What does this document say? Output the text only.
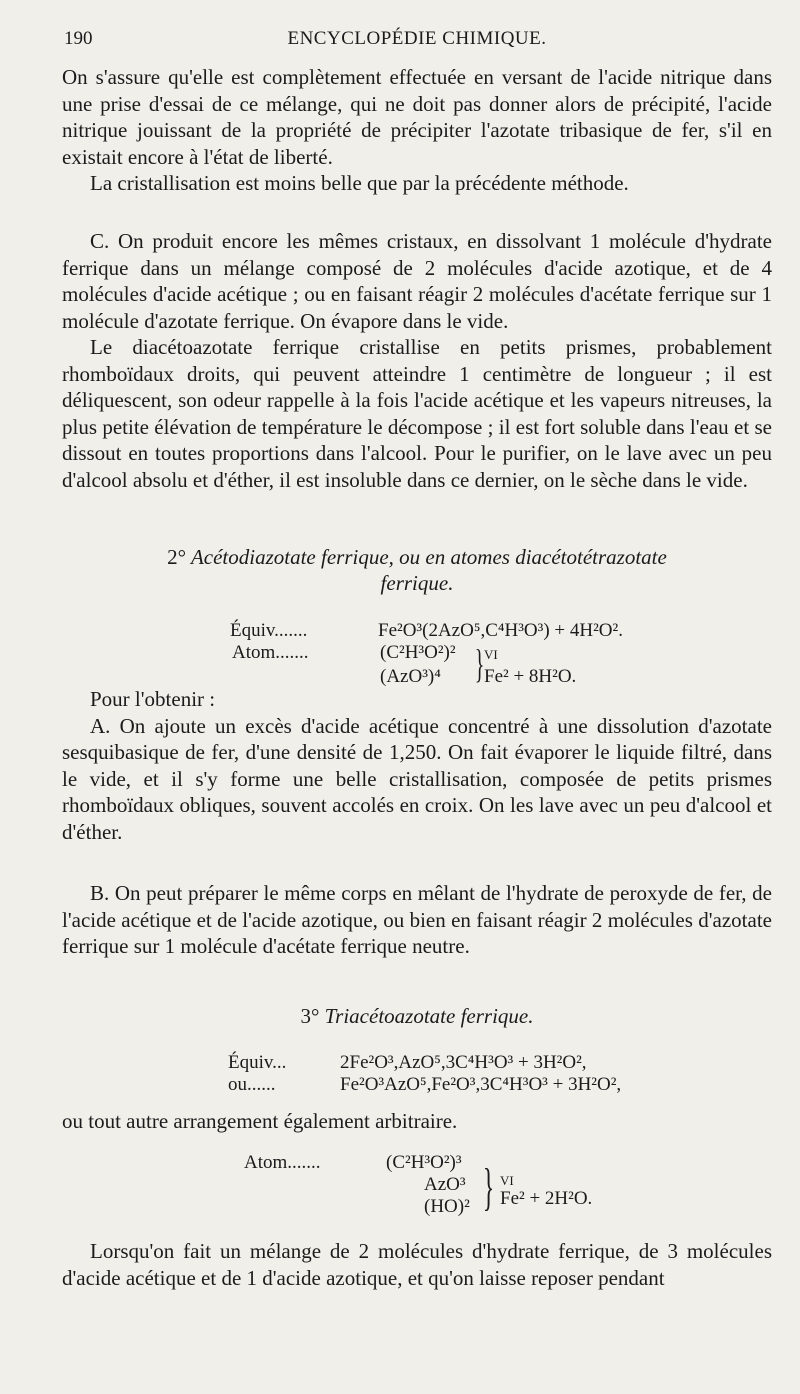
190	ENCYCLOPÉDIE CHIMIQUE.

On s'assure qu'elle est complètement effectuée en versant de l'acide nitrique dans une prise d'essai de ce mélange, qui ne doit pas donner alors de précipité, l'acide nitrique jouissant de la propriété de précipiter l'azotate tribasique de fer, s'il en existait encore à l'état de liberté.

La cristallisation est moins belle que par la précédente méthode.

C. On produit encore les mêmes cristaux, en dissolvant 1 molécule d'hydrate ferrique dans un mélange composé de 2 molécules d'acide azotique, et de 4 molécules d'acide acétique ; ou en faisant réagir 2 molécules d'acétate ferrique sur 1 molécule d'azotate ferrique. On évapore dans le vide.

Le diacétoazotate ferrique cristallise en petits prismes, probablement rhomboïdaux droits, qui peuvent atteindre 1 centimètre de longueur ; il est déliquescent, son odeur rappelle à la fois l'acide acétique et les vapeurs nitreuses, la plus petite élévation de température le décompose ; il est fort soluble dans l'eau et se dissout en toutes proportions dans l'alcool. Pour le purifier, on le lave avec un peu d'alcool absolu et d'éther, il est insoluble dans ce dernier, on le sèche dans le vide.

2° Acétodiazotate ferrique, ou en atomes diacétotétrazotate
ferrique.
Équiv.......	Fe²O³(2AzO⁵,C⁴H³O³) + 4H²O².
Atom.......	(C²H³O²)²
(AzO³)⁴ } VI
Fe² + 8H²O.

Pour l'obtenir :

A. On ajoute un excès d'acide acétique concentré à une dissolution d'azotate sesquibasique de fer, d'une densité de 1,250. On fait évaporer le liquide filtré, dans le vide, et il s'y forme une belle cristallisation, composée de petits prismes rhomboïdaux obliques, souvent accolés en croix. On les lave avec un peu d'alcool et d'éther.

B. On peut préparer le même corps en mêlant de l'hydrate de peroxyde de fer, de l'acide acétique et de l'acide azotique, ou bien en faisant réagir 2 molécules d'azotate ferrique sur 1 molécule d'acétate ferrique neutre.

3° Triacétoazotate ferrique.
Équiv...	2Fe²O³,AzO⁵,3C⁴H³O³ + 3H²O²,
ou......	Fe²O³AzO⁵,Fe²O³,3C⁴H³O³ + 3H²O²,
ou tout autre arrangement également arbitraire.
Atom.......	(C²H³O²)³
AzO³
(HO)² } VI
Fe² + 2H²O.

Lorsqu'on fait un mélange de 2 molécules d'hydrate ferrique, de 3 molécules d'acide acétique et de 1 d'acide azotique, et qu'on laisse reposer pendant
